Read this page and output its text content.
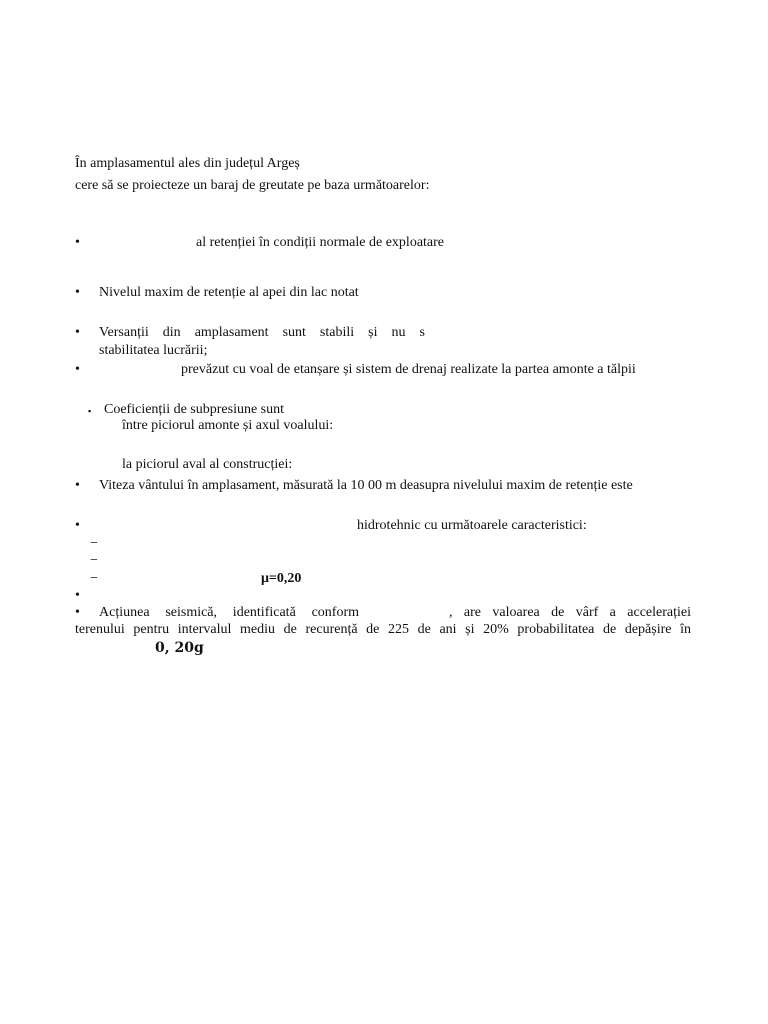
În amplasamentul ales din județul Argeș
cere să se proiecteze un baraj de greutate pe baza următoarelor:
•	al retenției în condiții normale de exploatare
• Nivelul maxim de retenție al apei din lac notat
• Versanții din amplasament sunt stabili și nu s
stabilitatea lucrării;
•	prevăzut cu voal de etanșare și sistem de drenaj realizate la partea amonte a tălpii
▪ Coeficienții de subpresiune sunt
între piciorul amonte și axul voalului:
la piciorul aval al construcției:
• Viteza vântului în amplasament, măsurată la 10 00 m deasupra nivelului maxim de retenție este
•	hidrotehnic cu următoarele caracteristici:
−
−
−	μ=0,20
•
• Acțiunea seismică, identificată conform	, are valoarea de vârf a accelerației
terenului pentru intervalul mediu de recurență de 225 de ani și 20% probabilitatea de depășire în
0, 20g
